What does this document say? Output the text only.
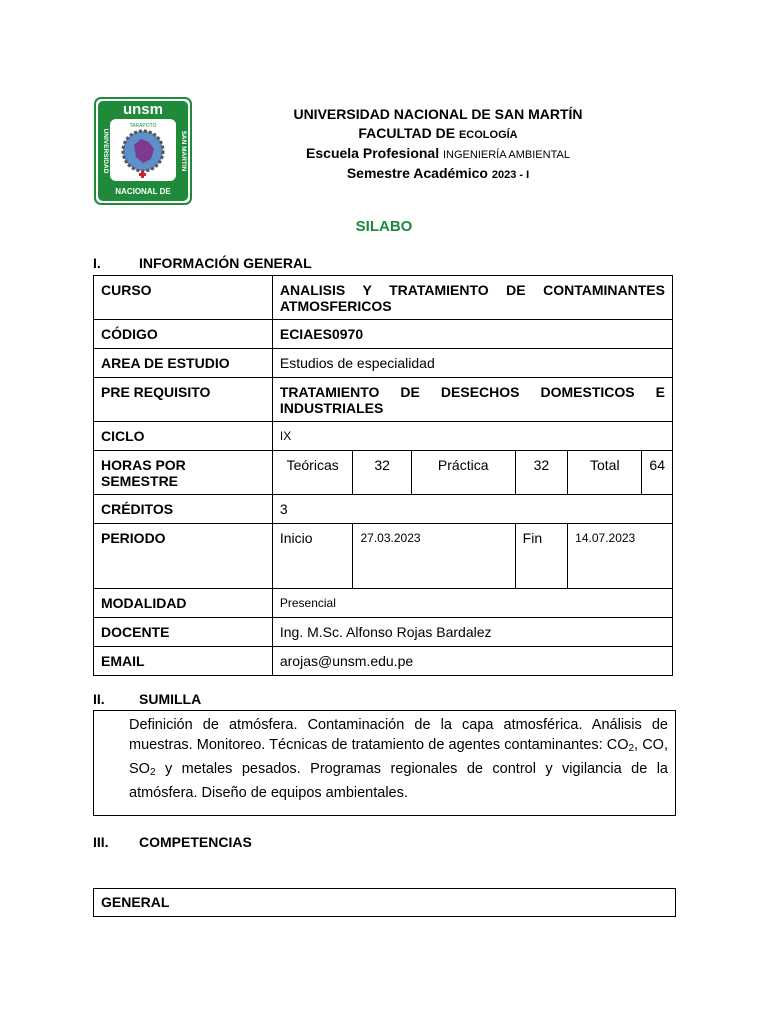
unsm
TARAPOTO
UNIVERSIDAD	SAN MARTIN
NACIONAL DE
UNIVERSIDAD NACIONAL DE SAN MARTÍN
FACULTAD DE ECOLOGÍA
Escuela Profesional INGENIERÍA AMBIENTAL
Semestre Académico 2023 - I
SILABO
I.	INFORMACIÓN GENERAL
CURSO	ANALISIS Y TRATAMIENTO DE CONTAMINANTES ATMOSFERICOS					
CÓDIGO	ECIAES0970					
AREA DE ESTUDIO	Estudios de especialidad					
PRE REQUISITO	TRATAMIENTO DE DESECHOS DOMESTICOS E INDUSTRIALES					
CICLO	IX					
HORAS POR SEMESTRE	Teóricas	32	Práctica	32	Total	64
CRÉDITOS	3					
PERIODO	Inicio	27.03.2023		Fin	14.07.2023	
MODALIDAD	Presencial					
DOCENTE	Ing. M.Sc. Alfonso Rojas Bardalez					
EMAIL	arojas@unsm.edu.pe					
II. SUMILLA
Definición de atmósfera. Contaminación de la capa atmosférica. Análisis de muestras. Monitoreo. Técnicas de tratamiento de agentes contaminantes: $CO_2$, CO, $SO_2$ y metales pesados. Programas regionales de control y vigilancia de la atmósfera. Diseño de equipos ambientales.
III. COMPETENCIAS
GENERAL
